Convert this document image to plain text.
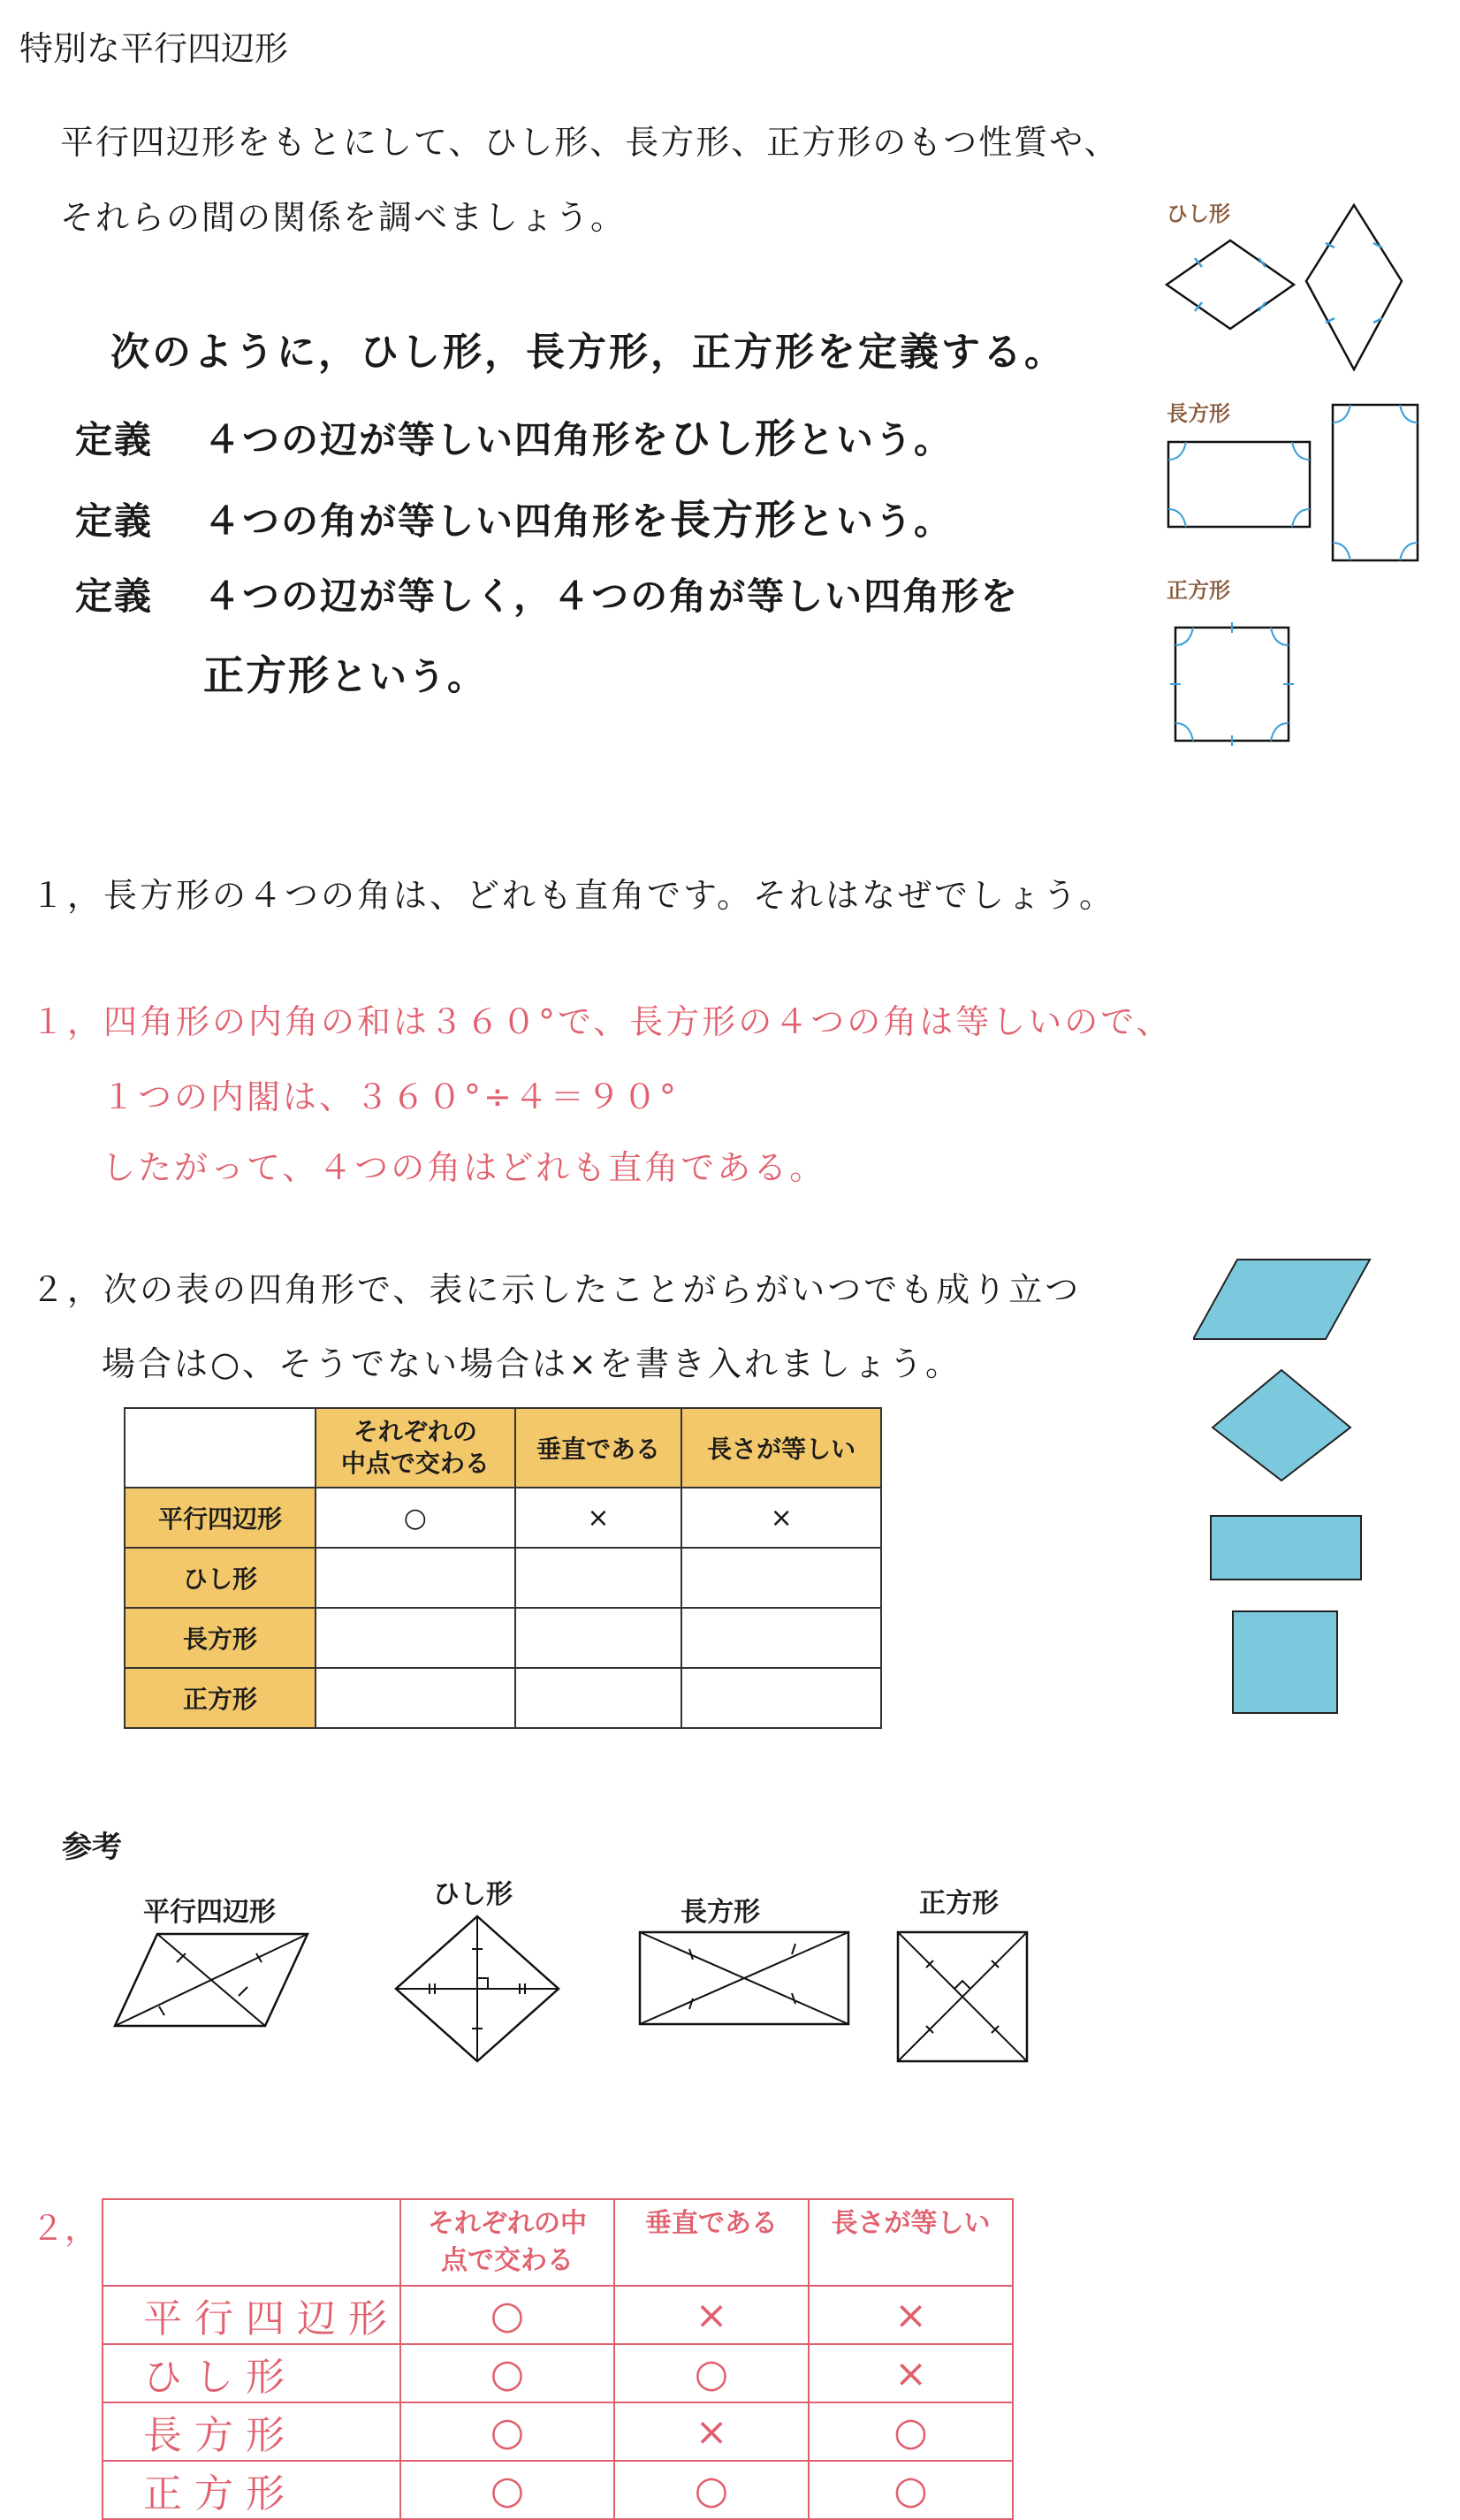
特別な平行四辺形
平行四辺形をもとにして、ひし形、長方形、正方形のもつ性質や、
それらの間の関係を調べましょう。
次のように，ひし形，長方形，正方形を定義する。
定義 ４つの辺が等しい四角形をひし形という。
定義 ４つの角が等しい四角形を長方形という。
定義 ４つの辺が等しく，４つの角が等しい四角形を
正方形という。
ひし形
長方形
正方形
１，長方形の４つの角は、どれも直角です。それはなぜでしょう。
１，四角形の内角の和は３６０°で、長方形の４つの角は等しいので、
１つの内閣は、３６０°÷４＝９０°
したがって、４つの角はどれも直角である。
２，次の表の四角形で、表に示したことがらがいつでも成り立つ
場合は○、そうでない場合は×を書き入れましょう。
	それぞれの
中点で交わる	垂直である	長さが等しい
平行四辺形	○	×	×
ひし形			
長方形			
正方形			
参考
平行四辺形
ひし形
長方形	正方形
２，
		それぞれの中
点で交わる	垂直である	長さが等しい
平行四辺形	○	×	×
ひし形	○	○	×
長方形	○	×	○
正方形	○	○	○
